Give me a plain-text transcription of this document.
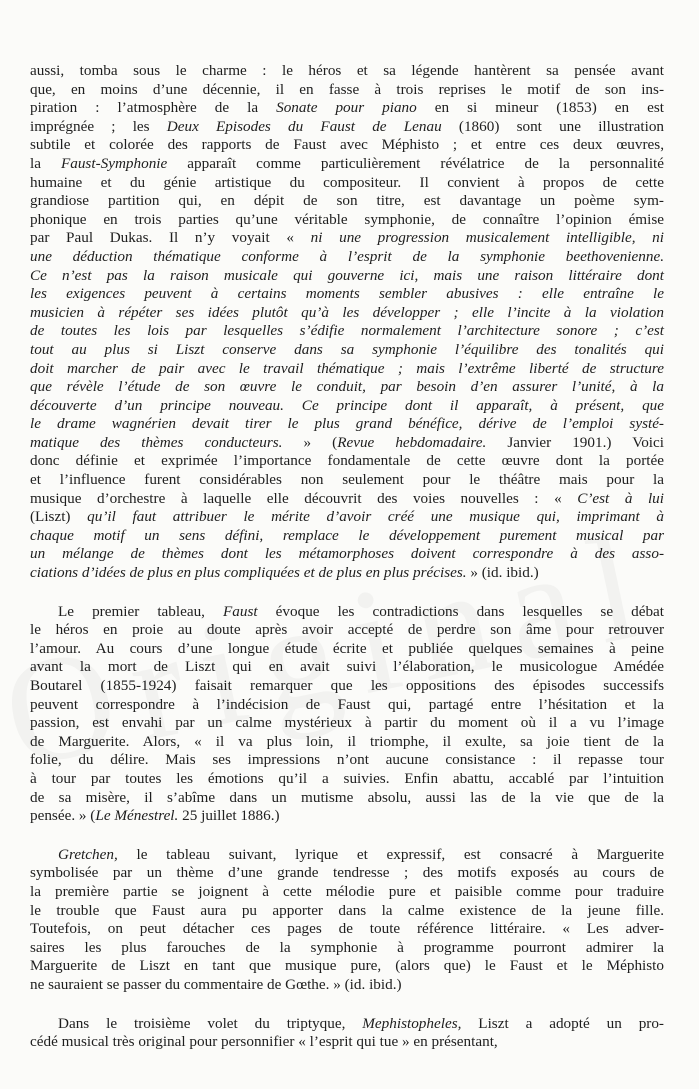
aussi, tomba sous le charme : le héros et sa légende hantèrent sa pensée avant
que, en moins d’une décennie, il en fasse à trois reprises le motif de son ins-
piration : l’atmosphère de la Sonate pour piano en si mineur (1853) en est
imprégnée ; les Deux Episodes du Faust de Lenau (1860) sont une illustration
subtile et colorée des rapports de Faust avec Méphisto ; et entre ces deux œuvres,
la Faust-Symphonie apparaît comme particulièrement révélatrice de la personnalité
humaine et du génie artistique du compositeur. Il convient à propos de cette
grandiose partition qui, en dépit de son titre, est davantage un poème sym-
phonique en trois parties qu’une véritable symphonie, de connaître l’opinion émise
par Paul Dukas. Il n’y voyait « ni une progression musicalement intelligible, ni
une déduction thématique conforme à l’esprit de la symphonie beethovenienne.
Ce n’est pas la raison musicale qui gouverne ici, mais une raison littéraire dont
les exigences peuvent à certains moments sembler abusives : elle entraîne le
musicien à répéter ses idées plutôt qu’à les développer ; elle l’incite à la violation
de toutes les lois par lesquelles s’édifie normalement l’architecture sonore ; c’est
tout au plus si Liszt conserve dans sa symphonie l’équilibre des tonalités qui
doit marcher de pair avec le travail thématique ; mais l’extrême liberté de structure
que révèle l’étude de son œuvre le conduit, par besoin d’en assurer l’unité, à la
découverte d’un principe nouveau. Ce principe dont il apparaît, à présent, que
le drame wagnérien devait tirer le plus grand bénéfice, dérive de l’emploi systé-
matique des thèmes conducteurs. » (Revue hebdomadaire. Janvier 1901.) Voici
donc définie et exprimée l’importance fondamentale de cette œuvre dont la portée
et l’influence furent considérables non seulement pour le théâtre mais pour la
musique d’orchestre à laquelle elle découvrit des voies nouvelles : « C’est à lui
(Liszt) qu’il faut attribuer le mérite d’avoir créé une musique qui, imprimant à
chaque motif un sens défini, remplace le développement purement musical par
un mélange de thèmes dont les métamorphoses doivent correspondre à des asso-
ciations d’idées de plus en plus compliquées et de plus en plus précises. » (id. ibid.)
Le premier tableau, Faust évoque les contradictions dans lesquelles se débat
le héros en proie au doute après avoir accepté de perdre son âme pour retrouver
l’amour. Au cours d’une longue étude écrite et publiée quelques semaines à peine
avant la mort de Liszt qui en avait suivi l’élaboration, le musicologue Amédée
Boutarel (1855-1924) faisait remarquer que les oppositions des épisodes successifs
peuvent correspondre à l’indécision de Faust qui, partagé entre l’hésitation et la
passion, est envahi par un calme mystérieux à partir du moment où il a vu l’image
de Marguerite. Alors, « il va plus loin, il triomphe, il exulte, sa joie tient de la
folie, du délire. Mais ses impressions n’ont aucune consistance : il repasse tour
à tour par toutes les émotions qu’il a suivies. Enfin abattu, accablé par l’intuition
de sa misère, il s’abîme dans un mutisme absolu, aussi las de la vie que de la
pensée. » (Le Ménestrel. 25 juillet 1886.)
Gretchen, le tableau suivant, lyrique et expressif, est consacré à Marguerite
symbolisée par un thème d’une grande tendresse ; des motifs exposés au cours de
la première partie se joignent à cette mélodie pure et paisible comme pour traduire
le trouble que Faust aura pu apporter dans la calme existence de la jeune fille.
Toutefois, on peut détacher ces pages de toute référence littéraire. « Les adver-
saires les plus farouches de la symphonie à programme pourront admirer la
Marguerite de Liszt en tant que musique pure, (alors que) le Faust et le Méphisto
ne sauraient se passer du commentaire de Gœthe. » (id. ibid.)
Dans le troisième volet du triptyque, Mephistopheles, Liszt a adopté un pro-
cédé musical très original pour personnifier « l’esprit qui tue » en présentant,
